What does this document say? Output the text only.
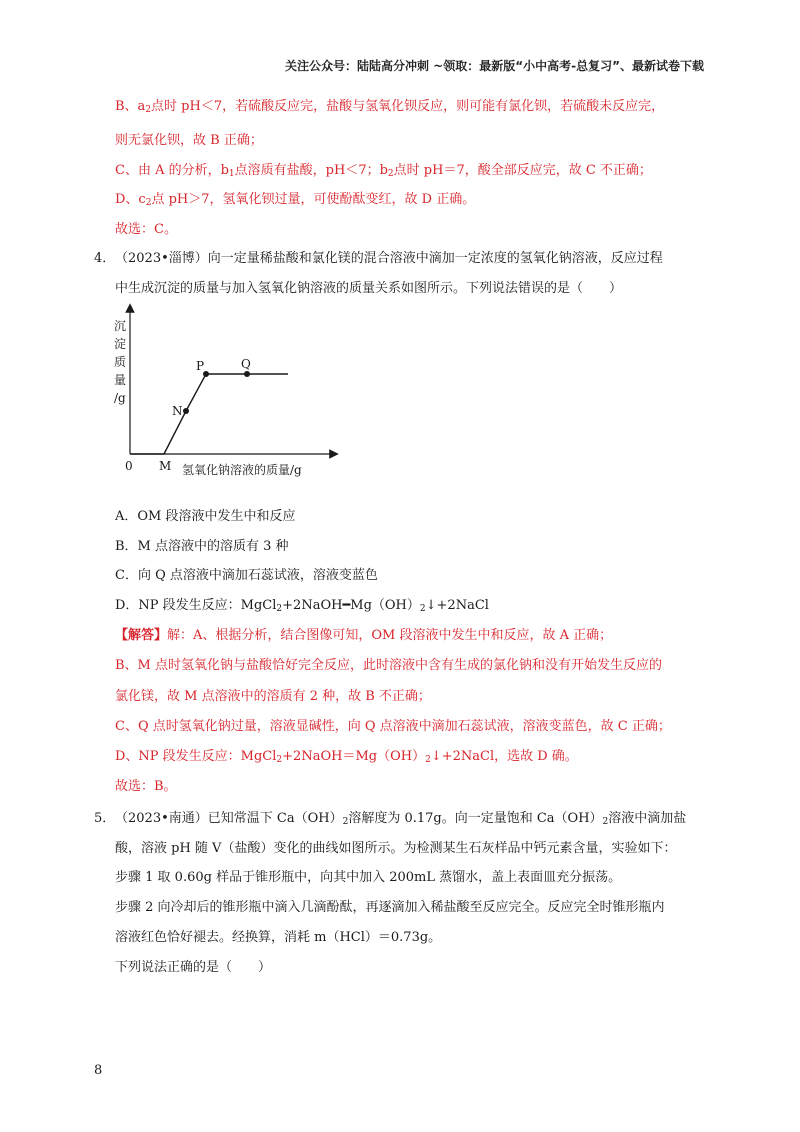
关注公众号：陆陆高分冲刺 ~领取：最新版“小中高考-总复习”、最新试卷下载
B、$a_2$点时 pH＜7，若硫酸反应完，盐酸与氢氧化钡反应，则可能有氯化钡，若硫酸未反应完，
则无氯化钡，故 B 正确；
C、由 A 的分析，$b_1$点溶质有盐酸，pH＜7；$b_2$点时 pH＝7，酸全部反应完，故 C 不正确；
D、$c_2$点 pH＞7，氢氧化钡过量，可使酚酞变红，故 D 正确。
故选：C。
4． （2023•淄博）向一定量稀盐酸和氯化镁的混合溶液中滴加一定浓度的氢氧化钠溶液，反应过程
中生成沉淀的质量与加入氢氧化钠溶液的质量关系如图所示。下列说法错误的是（　　）
沉
淀
质
量
/g
0 M
N
P	Q
氢氧化钠溶液的质量/g
A．OM 段溶液中发生中和反应
B．M 点溶液中的溶质有 3 种
C．向 Q 点溶液中滴加石蕊试液，溶液变蓝色
D．NP 段发生反应：$MgCl_2+2NaOH━Mg(OH)_2↓+2NaCl$
【解答】解：A、根据分析，结合图像可知，OM 段溶液中发生中和反应，故 A 正确；
B、M 点时氢氧化钠与盐酸恰好完全反应，此时溶液中含有生成的氯化钠和没有开始发生反应的
氯化镁，故 M 点溶液中的溶质有 2 种，故 B 不正确；
C、Q 点时氢氧化钠过量，溶液显碱性，向 Q 点溶液中滴加石蕊试液，溶液变蓝色，故 C 正确；
D、NP 段发生反应：$MgCl_2+2NaOH=Mg(OH)_2↓+2NaCl$，选故 D 确。
故选：B。
5． （2023•南通）已知常温下 $Ca(OH)_2$溶解度为 0.17g。向一定量饱和 $Ca(OH)_2$溶液中滴加盐
酸，溶液 pH 随 V（盐酸）变化的曲线如图所示。为检测某生石灰样品中钙元素含量，实验如下：
步骤 1 取 0.60g 样品于锥形瓶中，向其中加入 200mL 蒸馏水，盖上表面皿充分振荡。
步骤 2 向冷却后的锥形瓶中滴入几滴酚酞，再逐滴加入稀盐酸至反应完全。反应完全时锥形瓶内
溶液红色恰好褪去。经换算，消耗 m（HCl）＝0.73g。
下列说法正确的是（　　）
8
